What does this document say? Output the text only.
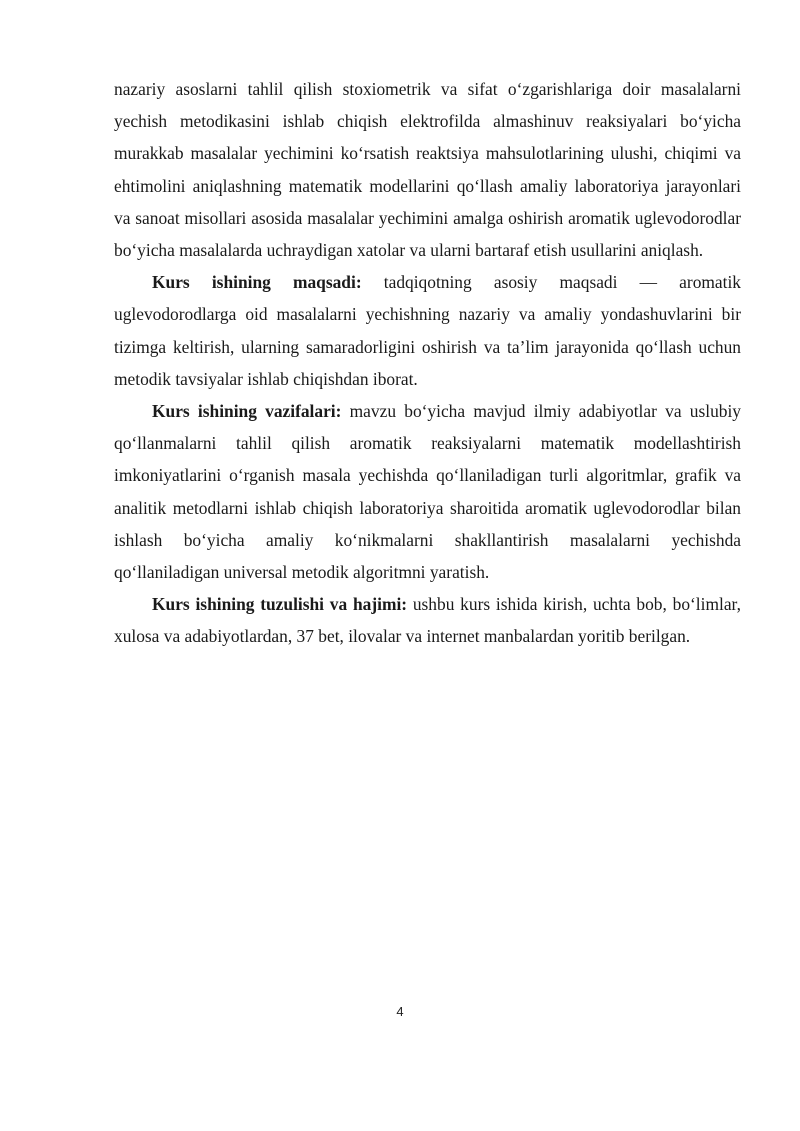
nazariy asoslarni tahlil qilish stoxiometrik va sifat o‘zgarishlariga doir masalalarni yechish metodikasini ishlab chiqish elektrofilda almashinuv reaksiyalari bo‘yicha murakkab masalalar yechimini ko‘rsatish reaktsiya mahsulotlarining ulushi, chiqimi va ehtimolini aniqlashning matematik modellarini qo‘llash amaliy laboratoriya jarayonlari va sanoat misollari asosida masalalar yechimini amalga oshirish aromatik uglevodorodlar bo‘yicha masalalarda uchraydigan xatolar va ularni bartaraf etish usullarini aniqlash.

Kurs ishining maqsadi: tadqiqotning asosiy maqsadi — aromatik uglevodorodlarga oid masalalarni yechishning nazariy va amaliy yondashuvlarini bir tizimga keltirish, ularning samaradorligini oshirish va ta’lim jarayonida qo‘llash uchun metodik tavsiyalar ishlab chiqishdan iborat.

Kurs ishining vazifalari: mavzu bo‘yicha mavjud ilmiy adabiyotlar va uslubiy qo‘llanmalarni tahlil qilish aromatik reaksiyalarni matematik modellashtirish imkoniyatlarini o‘rganish masala yechishda qo‘llaniladigan turli algoritmlar, grafik va analitik metodlarni ishlab chiqish laboratoriya sharoitida aromatik uglevodorodlar bilan ishlash bo‘yicha amaliy ko‘nikmalarni shakllantirish masalalarni yechishda qo‘llaniladigan universal metodik algoritmni yaratish.

Kurs ishining tuzulishi va hajimi: ushbu kurs ishida kirish, uchta bob, bo‘limlar, xulosa va adabiyotlardan, 37 bet, ilovalar va internet manbalardan yoritib berilgan.

4
